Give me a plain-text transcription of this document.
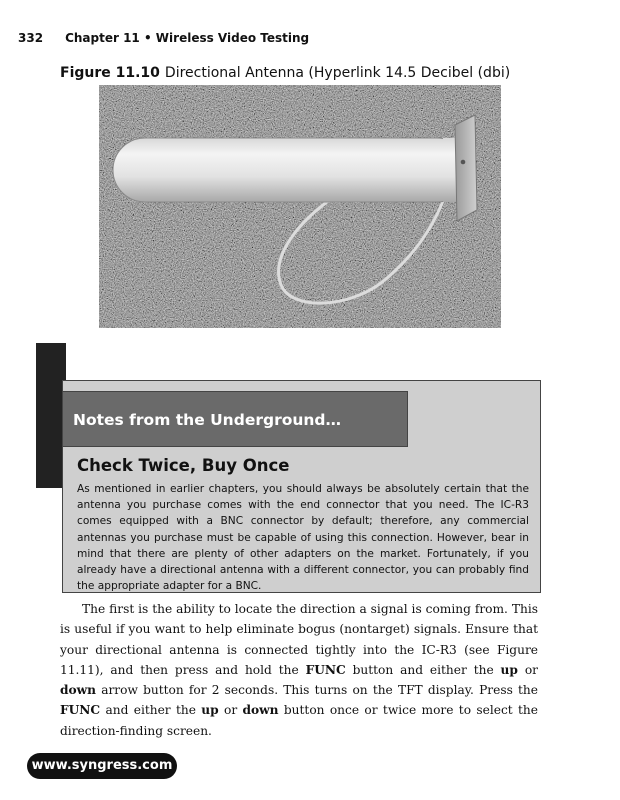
332 Chapter 11 • Wireless Video Testing
Figure 11.10 Directional Antenna (Hyperlink 14.5 Decibel (dbi)
Notes from the Underground…
Check Twice, Buy Once

As mentioned in earlier chapters, you should always be absolutely certain that the antenna you purchase comes with the end connector that you need. The IC-R3 comes equipped with a BNC connector by default; therefore, any commercial antennas you purchase must be capable of using this connection. However, bear in mind that there are plenty of other adapters on the market. Fortunately, if you already have a directional antenna with a different connector, you can probably find the appropriate adapter for a BNC.

The first is the ability to locate the direction a signal is coming from. This is useful if you want to help eliminate bogus (nontarget) signals. Ensure that your directional antenna is connected tightly into the IC-R3 (see Figure 11.11), and then press and hold the FUNC button and either the up or down arrow button for 2 seconds. This turns on the TFT display. Press the FUNC and either the up or down button once or twice more to select the direction-finding screen.

www.syngress.com
